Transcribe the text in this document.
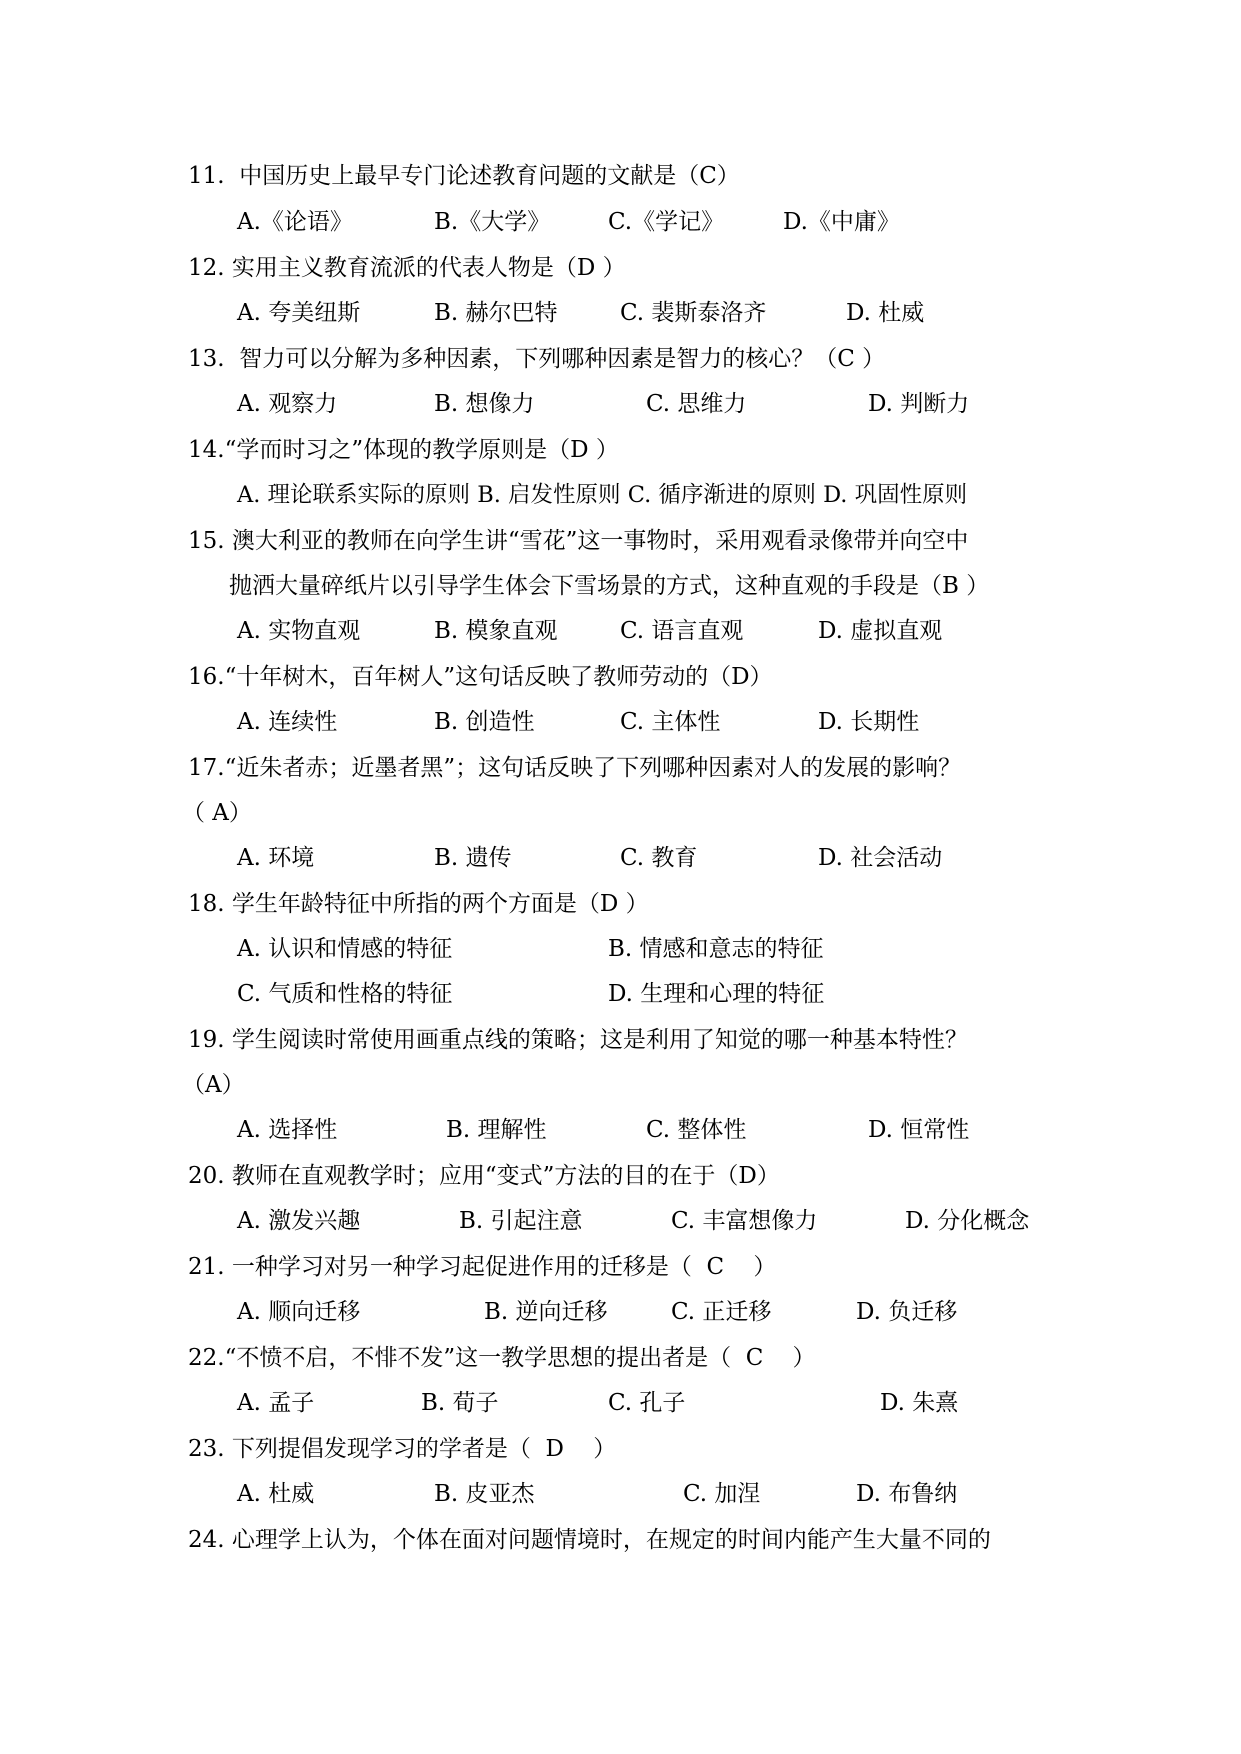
11.  中国历史上最早专门论述教育问题的文献是（C）
A.《论语》	B.《大学》	C.《学记》	D.《中庸》
12. 实用主义教育流派的代表人物是（D ）
A. 夸美纽斯	B. 赫尔巴特	C. 裴斯泰洛齐	D. 杜威
13.  智力可以分解为多种因素，下列哪种因素是智力的核心？（C ）
A. 观察力	B. 想像力	C. 思维力	D. 判断力
14.“学而时习之”体现的教学原则是（D ）
A. 理论联系实际的原则 B. 启发性原则 C. 循序渐进的原则 D. 巩固性原则
15. 澳大利亚的教师在向学生讲“雪花”这一事物时，采用观看录像带并向空中
抛洒大量碎纸片以引导学生体会下雪场景的方式，这种直观的手段是（B ）
A. 实物直观	B. 模象直观	C. 语言直观	D. 虚拟直观
16.“十年树木，百年树人”这句话反映了教师劳动的（D）
A. 连续性	B. 创造性	C. 主体性	D. 长期性
17.“近朱者赤；近墨者黑”；这句话反映了下列哪种因素对人的发展的影响？
（ A）
A. 环境	B. 遗传	C. 教育	D. 社会活动
18. 学生年龄特征中所指的两个方面是（D ）
A. 认识和情感的特征	B. 情感和意志的特征
C. 气质和性格的特征	D. 生理和心理的特征
19. 学生阅读时常使用画重点线的策略；这是利用了知觉的哪一种基本特性？
（A）
A. 选择性	B. 理解性	C. 整体性	D. 恒常性
20. 教师在直观教学时；应用“变式”方法的目的在于（D）
A. 激发兴趣	B. 引起注意	C. 丰富想像力	D. 分化概念
21. 一种学习对另一种学习起促进作用的迁移是（  C    ）
A. 顺向迁移	B. 逆向迁移	C. 正迁移	D. 负迁移
22.“不愤不启，不悱不发”这一教学思想的提出者是（  C    ）
A. 孟子	B. 荀子	C. 孔子	D. 朱熹
23. 下列提倡发现学习的学者是（  D    ）
A. 杜威	B. 皮亚杰	C. 加涅	D. 布鲁纳
24. 心理学上认为，个体在面对问题情境时，在规定的时间内能产生大量不同的
